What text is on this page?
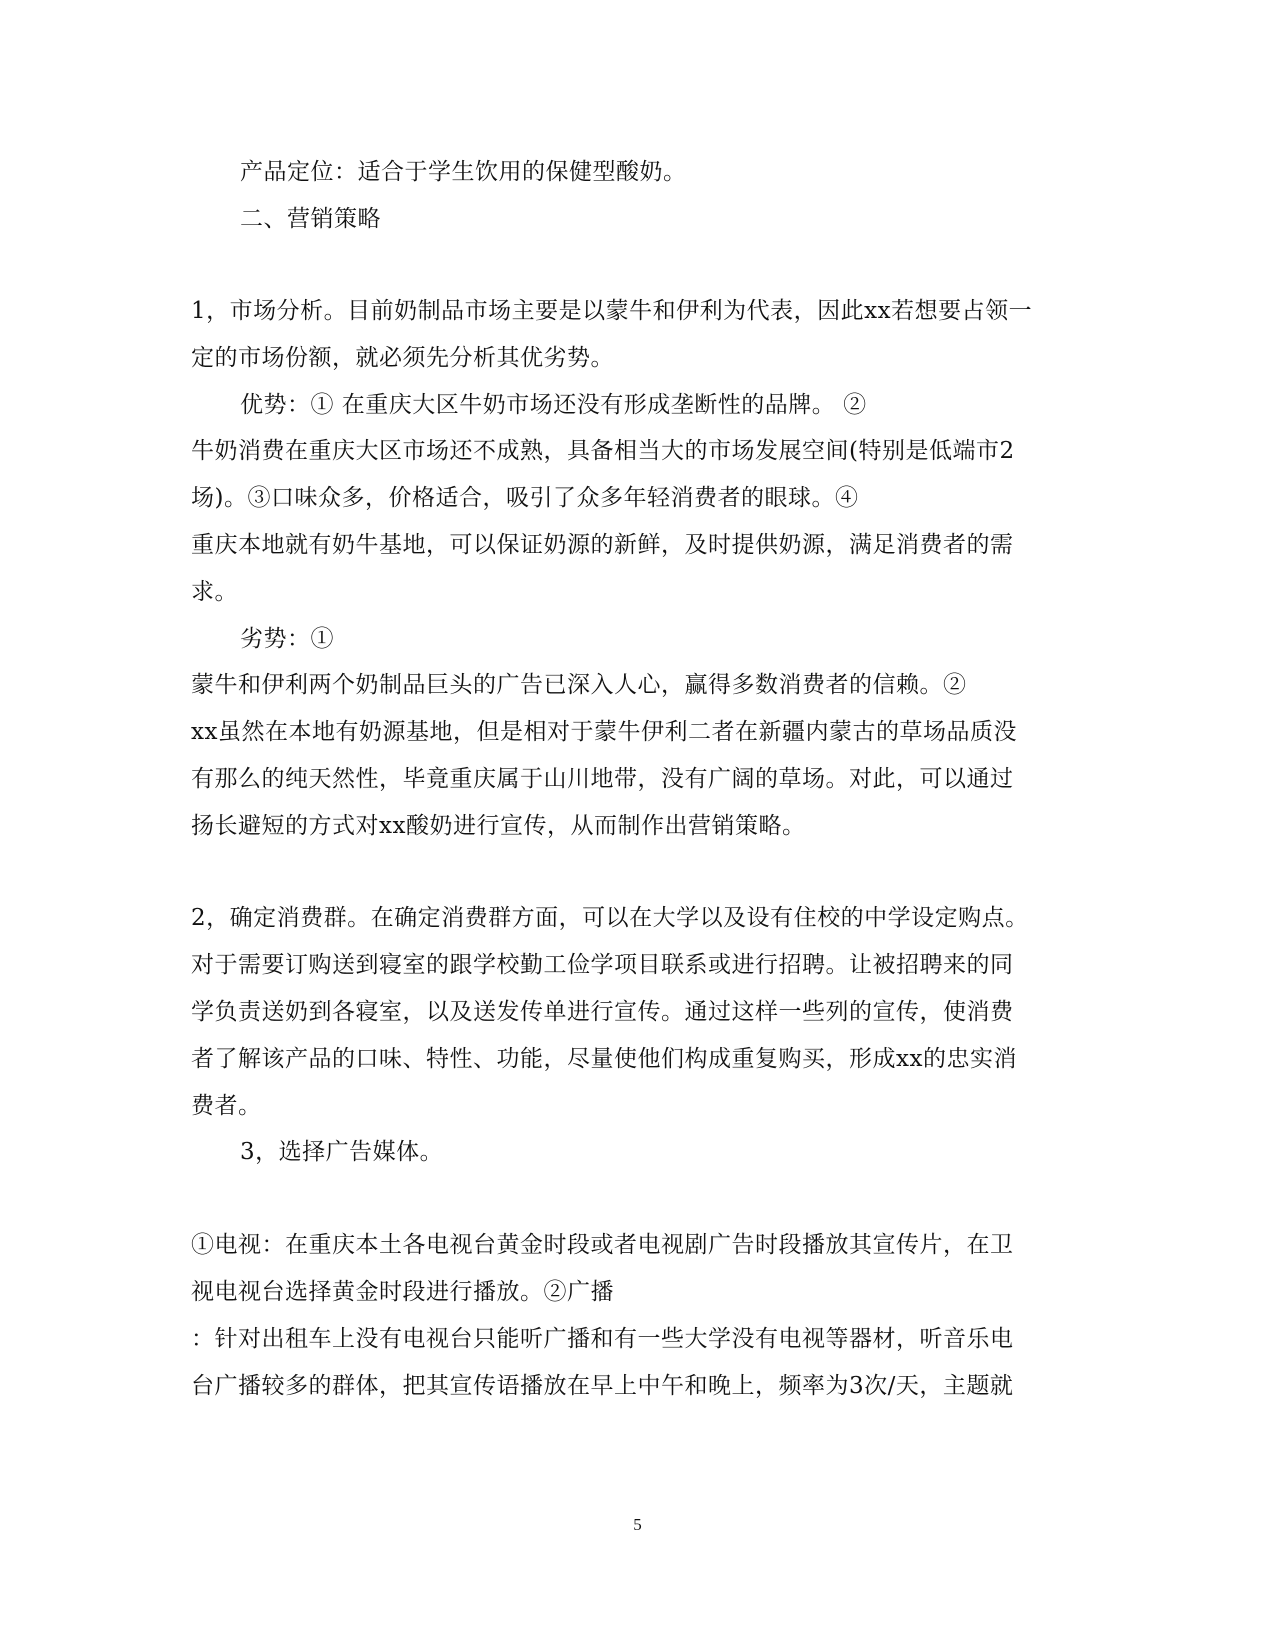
产品定位：适合于学生饮用的保健型酸奶。
二、营销策略
1，市场分析。目前奶制品市场主要是以蒙牛和伊利为代表，因此xx若想要占领一
定的市场份额，就必须先分析其优劣势。
优势：① 在重庆大区牛奶市场还没有形成垄断性的品牌。 ②
牛奶消费在重庆大区市场还不成熟，具备相当大的市场发展空间(特别是低端市2
场)。③口味众多，价格适合，吸引了众多年轻消费者的眼球。④
重庆本地就有奶牛基地，可以保证奶源的新鲜，及时提供奶源，满足消费者的需
求。
劣势：①
蒙牛和伊利两个奶制品巨头的广告已深入人心，赢得多数消费者的信赖。②
xx虽然在本地有奶源基地，但是相对于蒙牛伊利二者在新疆内蒙古的草场品质没
有那么的纯天然性，毕竟重庆属于山川地带，没有广阔的草场。对此，可以通过
扬长避短的方式对xx酸奶进行宣传，从而制作出营销策略。
2，确定消费群。在确定消费群方面，可以在大学以及设有住校的中学设定购点。
对于需要订购送到寝室的跟学校勤工俭学项目联系或进行招聘。让被招聘来的同
学负责送奶到各寝室，以及送发传单进行宣传。通过这样一些列的宣传，使消费
者了解该产品的口味、特性、功能，尽量使他们构成重复购买，形成xx的忠实消
费者。
3，选择广告媒体。
①电视：在重庆本土各电视台黄金时段或者电视剧广告时段播放其宣传片，在卫
视电视台选择黄金时段进行播放。②广播
：针对出租车上没有电视台只能听广播和有一些大学没有电视等器材，听音乐电
台广播较多的群体，把其宣传语播放在早上中午和晚上，频率为3次/天，主题就
5
